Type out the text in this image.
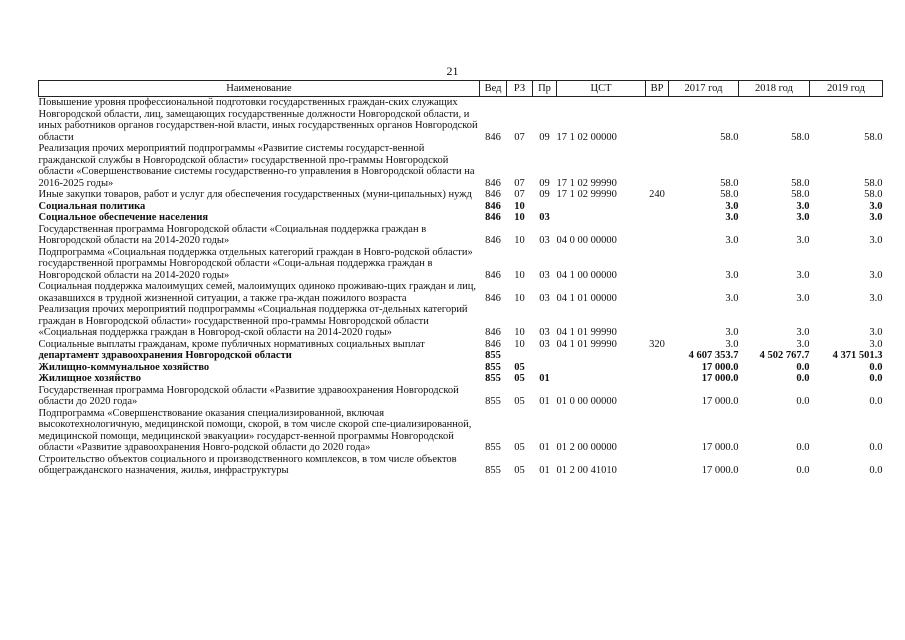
21
Наименование	Вед	РЗ	Пр	ЦСТ	ВР	2017 год	2018 год	2019 год
Повышение уровня профессиональной подготовки государственных граждан-ских служащих Новгородской области, лиц, замещающих государственные должности Новгородской области, и иных работников органов государствен-ной власти, иных государственных органов Новгородской области	846	07	09	17 1 02 00000		58.0	58.0	58.0
Реализация прочих мероприятий подпрограммы «Развитие системы государст-венной гражданской службы в Новгородской области» государственной про-граммы Новгородской области «Совершенствование системы государственно-го управления в Новгородской области на 2016-2025 годы»	846	07	09	17 1 02 99990		58.0	58.0	58.0
Иные закупки товаров, работ и услуг для обеспечения государственных (муни-ципальных) нужд	846	07	09	17 1 02 99990	240	58.0	58.0	58.0
Социальная политика	846	10				3.0	3.0	3.0
Социальное обеспечение населения	846	10	03			3.0	3.0	3.0
Государственная программа Новгородской области «Социальная поддержка граждан в Новгородской области на 2014-2020 годы»	846	10	03	04 0 00 00000		3.0	3.0	3.0
Подпрограмма «Социальная поддержка отдельных категорий граждан в Новго-родской области» государственной программы Новгородской области «Соци-альная поддержка граждан в Новгородской области на 2014-2020 годы»	846	10	03	04 1 00 00000		3.0	3.0	3.0
Социальная поддержка малоимущих семей, малоимущих одиноко проживаю-щих граждан и лиц, оказавшихся в трудной жизненной ситуации, а также гра-ждан пожилого возраста	846	10	03	04 1 01 00000		3.0	3.0	3.0
Реализация прочих мероприятий подпрограммы «Социальная поддержка от-дельных категорий граждан в Новгородской области» государственной про-граммы Новгородской области «Социальная поддержка граждан в Новгород-ской области на 2014-2020 годы»	846	10	03	04 1 01 99990		3.0	3.0	3.0
Социальные выплаты гражданам, кроме публичных нормативных социальных выплат	846	10	03	04 1 01 99990	320	3.0	3.0	3.0
департамент здравоохранения Новгородской области	855					4 607 353.7	4 502 767.7	4 371 501.3
Жилищно-коммунальное хозяйство	855	05				17 000.0	0.0	0.0
Жилищное хозяйство	855	05	01			17 000.0	0.0	0.0
Государственная программа Новгородской области «Развитие здравоохранения Новгородской области до 2020 года»	855	05	01	01 0 00 00000		17 000.0	0.0	0.0
Подпрограмма «Совершенствование оказания специализированной, включая высокотехнологичную, медицинской помощи, скорой, в том числе скорой спе-циализированной, медицинской помощи, медицинской эвакуации» государст-венной программы Новгородской области «Развитие здравоохранения Новго-родской области до 2020 года»	855	05	01	01 2 00 00000		17 000.0	0.0	0.0
Строительство объектов социального и производственного комплексов, в том числе объектов общегражданского назначения, жилья, инфраструктуры	855	05	01	01 2 00 41010		17 000.0	0.0	0.0
